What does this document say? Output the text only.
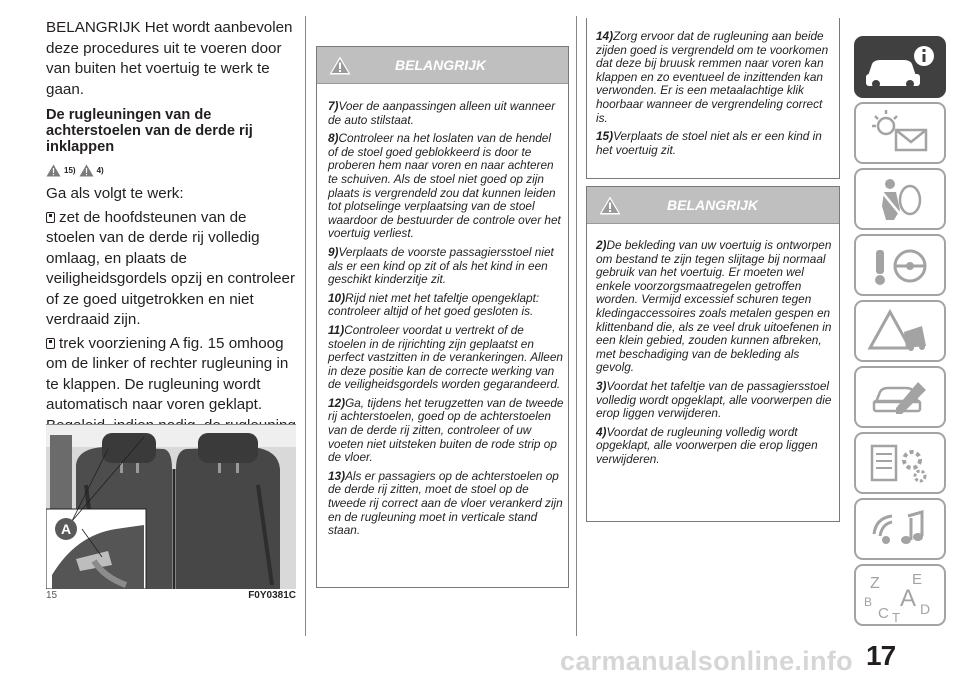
BELANGRIJK Het wordt aanbevolen deze procedures uit te voeren door van buiten het voertuig te werk te gaan.

De rugleuningen van de achterstoelen van de derde rij inklappen

15)	4)

Ga als volgt te werk:

zet de hoofdsteunen van de stoelen van de derde rij volledig omlaag, en plaats de veiligheidsgordels opzij en controleer of ze goed uitgetrokken en niet verdraaid zijn.

trek voorziening A fig. 15 omhoog om de linker of rechter rugleuning in te klappen. De rugleuning wordt automatisch naar voren geklapt.

A
15	F0Y0381C
BELANGRIJK

7)Voer de aanpassingen alleen uit wanneer de auto stilstaat.

8)Controleer na het loslaten van de hendel of de stoel goed geblokkeerd is door te proberen hem naar voren en naar achteren te schuiven. Als de stoel niet goed op zijn plaats is vergrendeld zou dat kunnen leiden tot plotselinge verplaatsing van de stoel waardoor de bestuurder de controle over het voertuig verliest.

9)Verplaats de voorste passagiersstoel niet als er een kind op zit of als het kind in een geschikt kinderzitje zit.

10)Rijd niet met het tafeltje opengeklapt: controleer altijd of het goed gesloten is.

11)Controleer voordat u vertrekt of de stoelen in de rijrichting zijn geplaatst en perfect vastzitten in de verankeringen. Alleen in deze positie kan de correcte werking van de veiligheidsgordels worden gegarandeerd.

12)Ga, tijdens het terugzetten van de tweede rij achterstoelen, goed op de achterstoelen van de derde rij zitten, controleer of uw voeten niet uitsteken buiten de rode strip op de vloer.

13)Als er passagiers op de achterstoelen op de derde rij zitten, moet de stoel op de tweede rij correct aan de vloer verankerd zijn en de rugleuning moet in verticale stand staan.

14)Zorg ervoor dat de rugleuning aan beide zijden goed is vergrendeld om te voorkomen dat deze bij bruusk remmen naar voren kan klappen en zo eventueel de inzittenden kan verwonden. Er is een metaalachtige klik hoorbaar wanneer de vergrendeling correct is.

15)Verplaats de stoel niet als er een kind in het voertuig zit.

BELANGRIJK

2)De bekleding van uw voertuig is ontworpen om bestand te zijn tegen slijtage bij normaal gebruik van het voertuig. Er moeten wel enkele voorzorgsmaatregelen getroffen worden. Vermijd excessief schuren tegen kledingaccessoires zoals metalen gespen en klittenband die, als ze veel druk uitoefenen in een klein gebied, zouden kunnen afbreken, met beschadiging van de bekleding als gevolg.

3)Voordat het tafeltje van de passagiersstoel volledig wordt opgeklapt, alle voorwerpen die erop liggen verwijderen.

4)Voordat de rugleuning volledig wordt opgeklapt, alle voorwerpen die erop liggen verwijderen.

Z E
B A
C T
D
17
carmanualsonline.info
